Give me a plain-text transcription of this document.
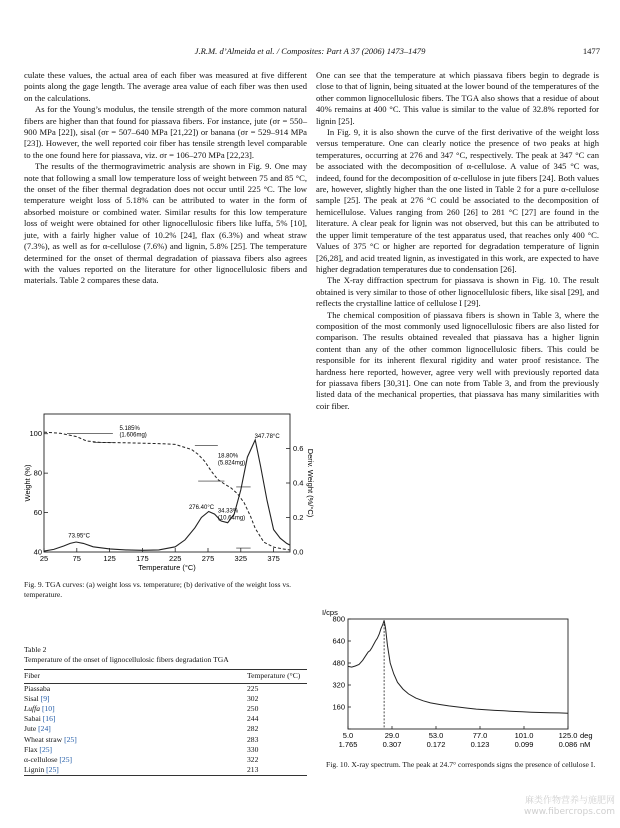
J.R.M. d’Almeida et al. / Composites: Part A 37 (2006) 1473–1479	1477

culate these values, the actual area of each fiber was measured at five different points along the gage length. The average area value of each fiber was then used on the calculations.

As for the Young’s modulus, the tensile strength of the more common natural fibers are higher than that found for piassava fibers. For instance, jute (σr = 550–900 MPa [22]), sisal (σr = 507–640 MPa [21,22]) or banana (σr = 529–914 MPa [23]). However, the well reported coir fiber has tensile strength level comparable to the one found here for piassava, viz. σr = 106–270 MPa [22,23].

The results of the thermogravimetric analysis are shown in Fig. 9. One may note that following a small low temperature loss of weight between 75 and 85 °C, the onset of the fiber thermal degradation does not occur until 225 °C. The low temperature weight loss of 5.18% can be attributed to water in the form of absorbed moisture or combined water. Similar results for this low temperature loss of weight were obtained for other lignocellulosic fibers like luffa, 5% [10], jute, with a fairly higher value of 10.2% [24], flax (6.3%) and wheat straw (7.3%), as well as for α-cellulose (7.6%) and lignin, 5.8% [25]. The temperature determined for the onset of thermal degradation of piassava fibers also agrees with the values reported on the literature for other lignocellulosic fibers and materials. Table 2 compares these data.

One can see that the temperature at which piassava fibers begin to degrade is close to that of lignin, being situated at the lower bound of the temperatures of the other common lignocellulosic fibers. The TGA also shows that a residue of about 40% remains at 400 °C. This value is similar to the value of 32.8% reported for lignin [25].

In Fig. 9, it is also shown the curve of the first derivative of the weight loss versus temperature. One can clearly notice the presence of two peaks at high temperatures, occurring at 276 and 347 °C, respectively. The peak at 347 °C can be associated with the decomposition of α-cellulose. A value of 345 °C was, indeed, found for the decomposition of α-cellulose in jute fibers [24]. Both values are, however, slightly higher than the one listed in Table 2 for a pure α-cellulose sample [25]. The peak at 276 °C could be associated to the decomposition of hemicellulose. Values ranging from 260 [26] to 281 °C [27] are found in the literature. A clear peak for lignin was not observed, but this can be attributed to the upper limit temperature of the test apparatus used, that reaches only 400 °C. Values of 375 °C or higher are reported for degradation temperature of lignin [26,28], and acid treated lignin, as investigated in this work, are expected to have higher degradation temperatures due to condensation [26].

The X-ray diffraction spectrum for piassava is shown in Fig. 10. The result obtained is very similar to those of other lignocellulosic fibers, like sisal [29], and reflects the crystalline lattice of cellulose I [29].

The chemical composition of piassava fibers is shown in Table 3, where the composition of the most commonly used lignocellulosic fibers are also listed for comparison. The results obtained revealed that piassava has a higher lignin content than any of the other common lignocellulosic fibers. This could be responsible for its inherent flexural rigidity and water proof resistance. The hardness here reported, however, agree very well with previously reported data for piassava fibers [30,31]. One can note from Table 3, and from the previously listed data of the mechanical properties, that piassava has many similarities with coir fiber.

25	75	125	175	225	275	325	375
40
60
80
100
0.0
0.2
0.4
0.6
Temperature (°C)
Weight (%)	Deriv. Weight (%/°C)
5.185%
(1.606mg)
18.80%
(5.824mg)
34.33%
(10.64mg)
347.78°C
276.40°C
73.95°C
Fig. 9. TGA curves: (a) weight loss vs. temperature; (b) derivative of the weight loss vs. temperature.

Table 2

Temperature of the onset of lignocellulosic fibers degradation TGA

Fiber	Temperature (°C)
Piassaba	225
Sisal [9]	302
Luffa [10]	250
Sabai [16]	244
Jute [24]	282
Wheat straw [25]	283
Flax [25]	330
α-cellulose [25]	322
Lignin [25]	213
I/cps
160
320
480
640
800
5.0
1.765
29.0
0.307
53.0
0.172
77.0
0.123
101.0
0.099
125.0
0.086
deg
nM
Fig. 10. X-ray spectrum. The peak at 24.7° corresponds signs the presence of cellulose I.
麻类作物营养与施肥网
www.fibercrops.com
